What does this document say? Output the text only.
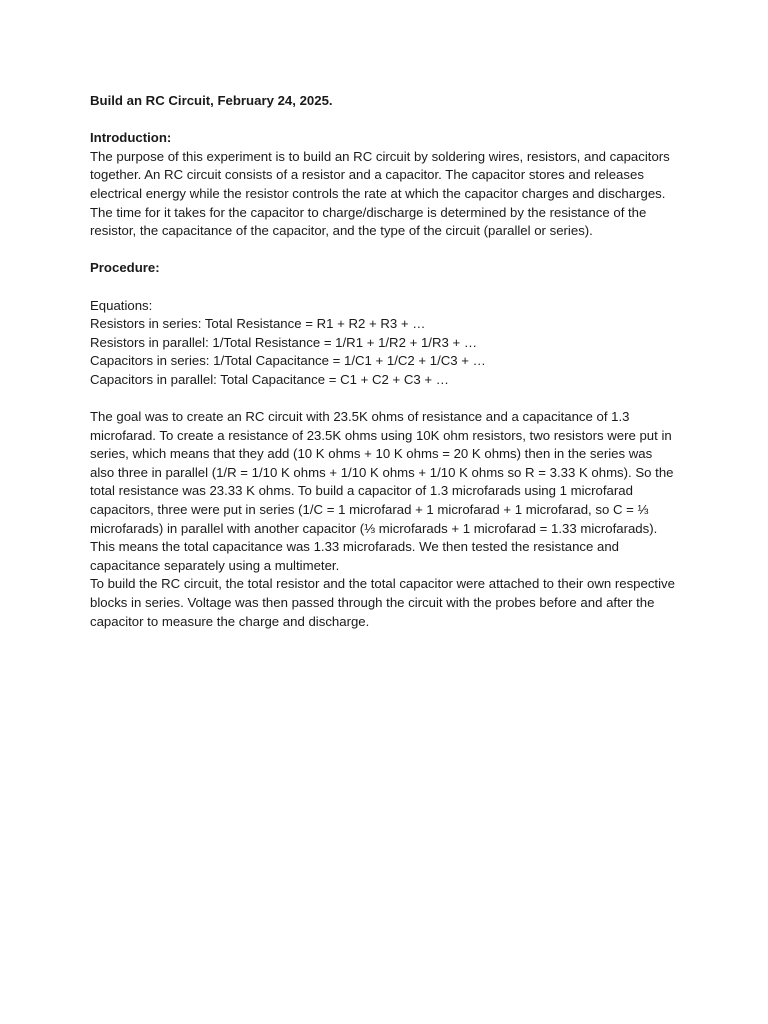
Build an RC Circuit, February 24, 2025.

Introduction:

The purpose of this experiment is to build an RC circuit by soldering wires, resistors, and capacitors together. An RC circuit consists of a resistor and a capacitor. The capacitor stores and releases electrical energy while the resistor controls the rate at which the capacitor charges and discharges. The time for it takes for the capacitor to charge/discharge is determined by the resistance of the resistor, the capacitance of the capacitor, and the type of the circuit (parallel or series).

Procedure:

Equations:

Resistors in series: Total Resistance = R1 + R2 + R3 + …

Resistors in parallel: 1/Total Resistance = 1/R1 + 1/R2 + 1/R3 + …

Capacitors in series: 1/Total Capacitance = 1/C1 + 1/C2 + 1/C3 + …

Capacitors in parallel: Total Capacitance = C1 + C2 + C3 + …

The goal was to create an RC circuit with 23.5K ohms of resistance and a capacitance of 1.3 microfarad. To create a resistance of 23.5K ohms using 10K ohm resistors, two resistors were put in series, which means that they add (10 K ohms + 10 K ohms = 20 K ohms) then in the series was also three in parallel (1/R = 1/10 K ohms + 1/10 K ohms + 1/10 K ohms so R = 3.33 K ohms). So the total resistance was 23.33 K ohms. To build a capacitor of 1.3 microfarads using 1 microfarad capacitors, three were put in series (1/C = 1 microfarad + 1 microfarad + 1 microfarad, so C = ⅓ microfarads) in parallel with another capacitor (⅓ microfarads + 1 microfarad = 1.33 microfarads). This means the total capacitance was 1.33 microfarads. We then tested the resistance and capacitance separately using a multimeter.

To build the RC circuit, the total resistor and the total capacitor were attached to their own respective blocks in series. Voltage was then passed through the circuit with the probes before and after the capacitor to measure the charge and discharge.
